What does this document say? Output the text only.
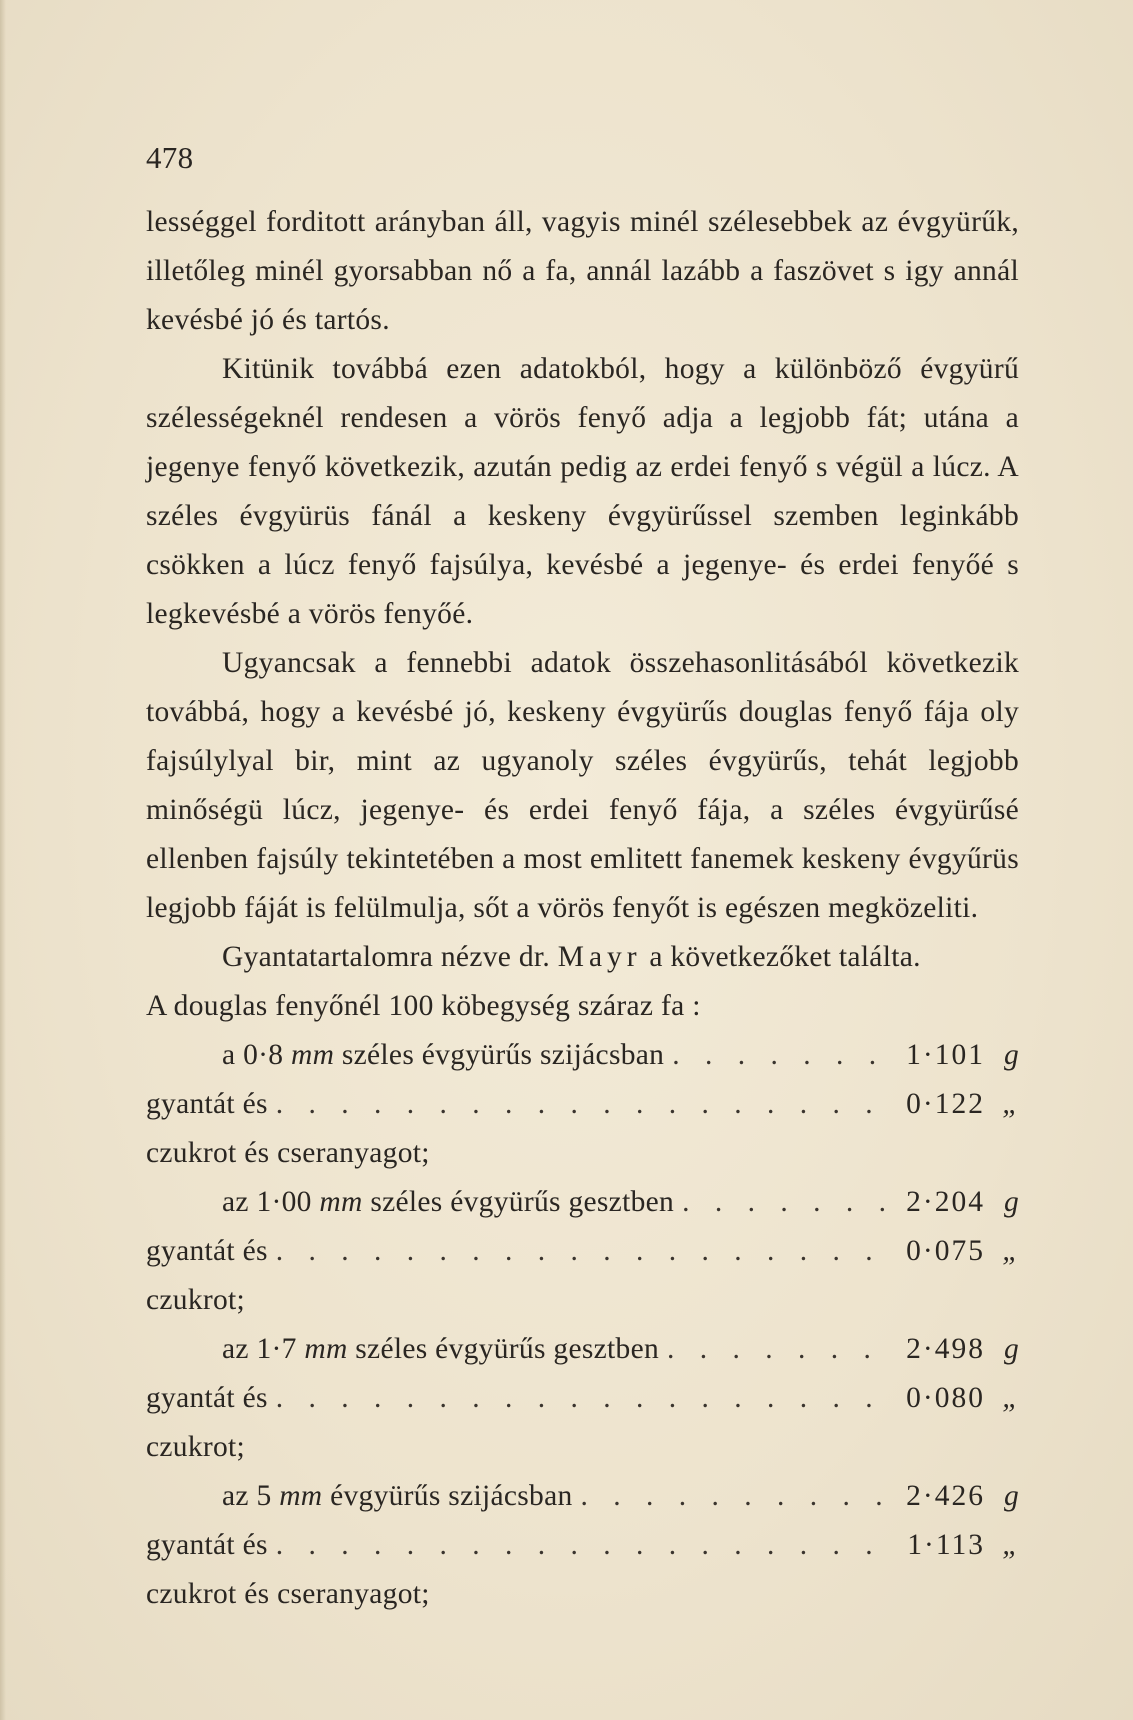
478

lességgel forditott arányban áll, vagyis minél szélesebbek az évgyürűk, illetőleg minél gyorsabban nő a fa, annál lazább a faszövet s igy annál kevésbé jó és tartós.

Kitünik továbbá ezen adatokból, hogy a különböző évgyürű szélességeknél rendesen a vörös fenyő adja a legjobb fát; utána a jegenye fenyő következik, azután pedig az erdei fenyő s végül a lúcz. A széles évgyürüs fánál a keskeny évgyürűssel szemben leginkább csökken a lúcz fenyő fajsúlya, kevésbé a jegenye- és erdei fenyőé s legkevésbé a vörös fenyőé.

Ugyancsak a fennebbi adatok összehasonlitásából következik továbbá, hogy a kevésbé jó, keskeny évgyürűs douglas fenyő fája oly fajsúlylyal bir, mint az ugyanoly széles évgyürűs, tehát legjobb minőségü lúcz, jegenye- és erdei fenyő fája, a széles évgyürűsé ellenben fajsúly tekintetében a most emlitett fanemek keskeny évgyűrüs legjobb fáját is felülmulja, sőt a vörös fenyőt is egészen megközeliti.

Gyantatartalomra nézve dr. Mayr a következőket találta.

A douglas fenyőnél 100 köbegység száraz fa :

a 0·8 mm széles évgyürűs szijácsban . . .	1·101 g
gyantát és . . .	0·122 „
czukrot és cseranyagot;
az 1·00 mm széles évgyürűs gesztben . . .	2·204 g
gyantát és . . .	0·075 „
czukrot;
az 1·7 mm széles évgyürűs gesztben . . .	2·498 g
gyantát és . . .	0·080 „
czukrot;
az 5 mm évgyürűs szijácsban . . .	2·426 g
gyantát és . . .	1·113 „
czukrot és cseranyagot;
